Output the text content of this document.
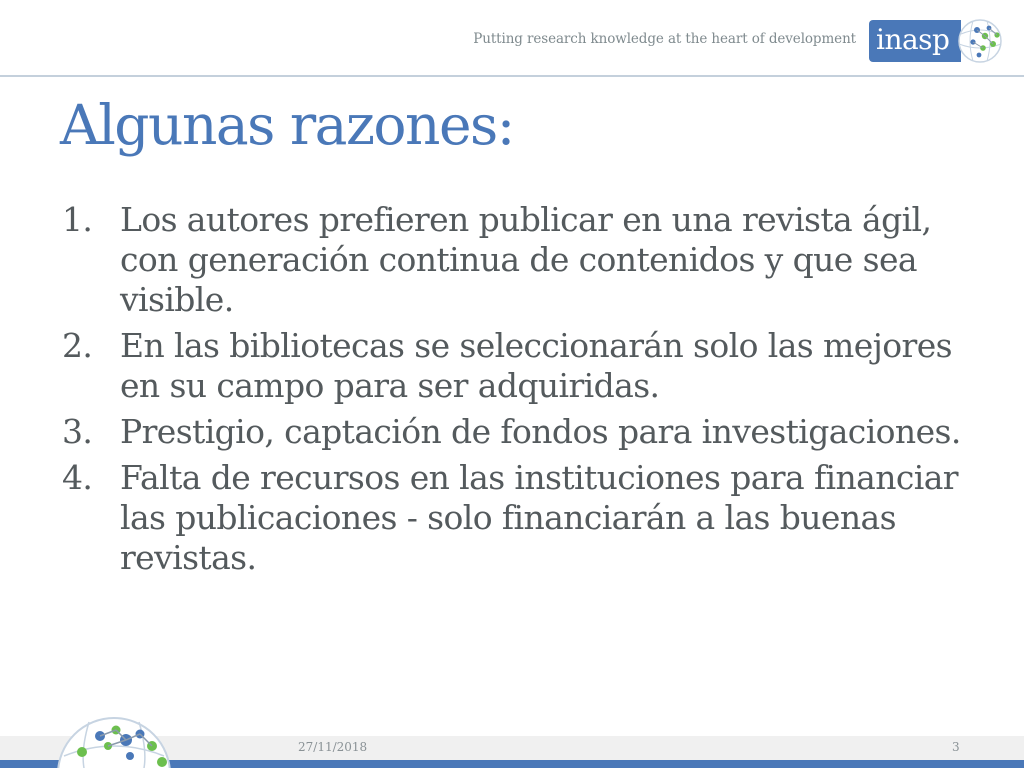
Putting research knowledge at the heart of development inasp
Algunas razones:
1. Los autores prefieren publicar en una revista ágil, con generación continua de contenidos y que sea visible.
2. En las bibliotecas se seleccionarán solo las mejores en su campo para ser adquiridas.
3. Prestigio, captación de fondos para investigaciones.
4. Falta de recursos en las instituciones para financiar las publicaciones - solo financiarán a las buenas revistas.
27/11/2018	3
